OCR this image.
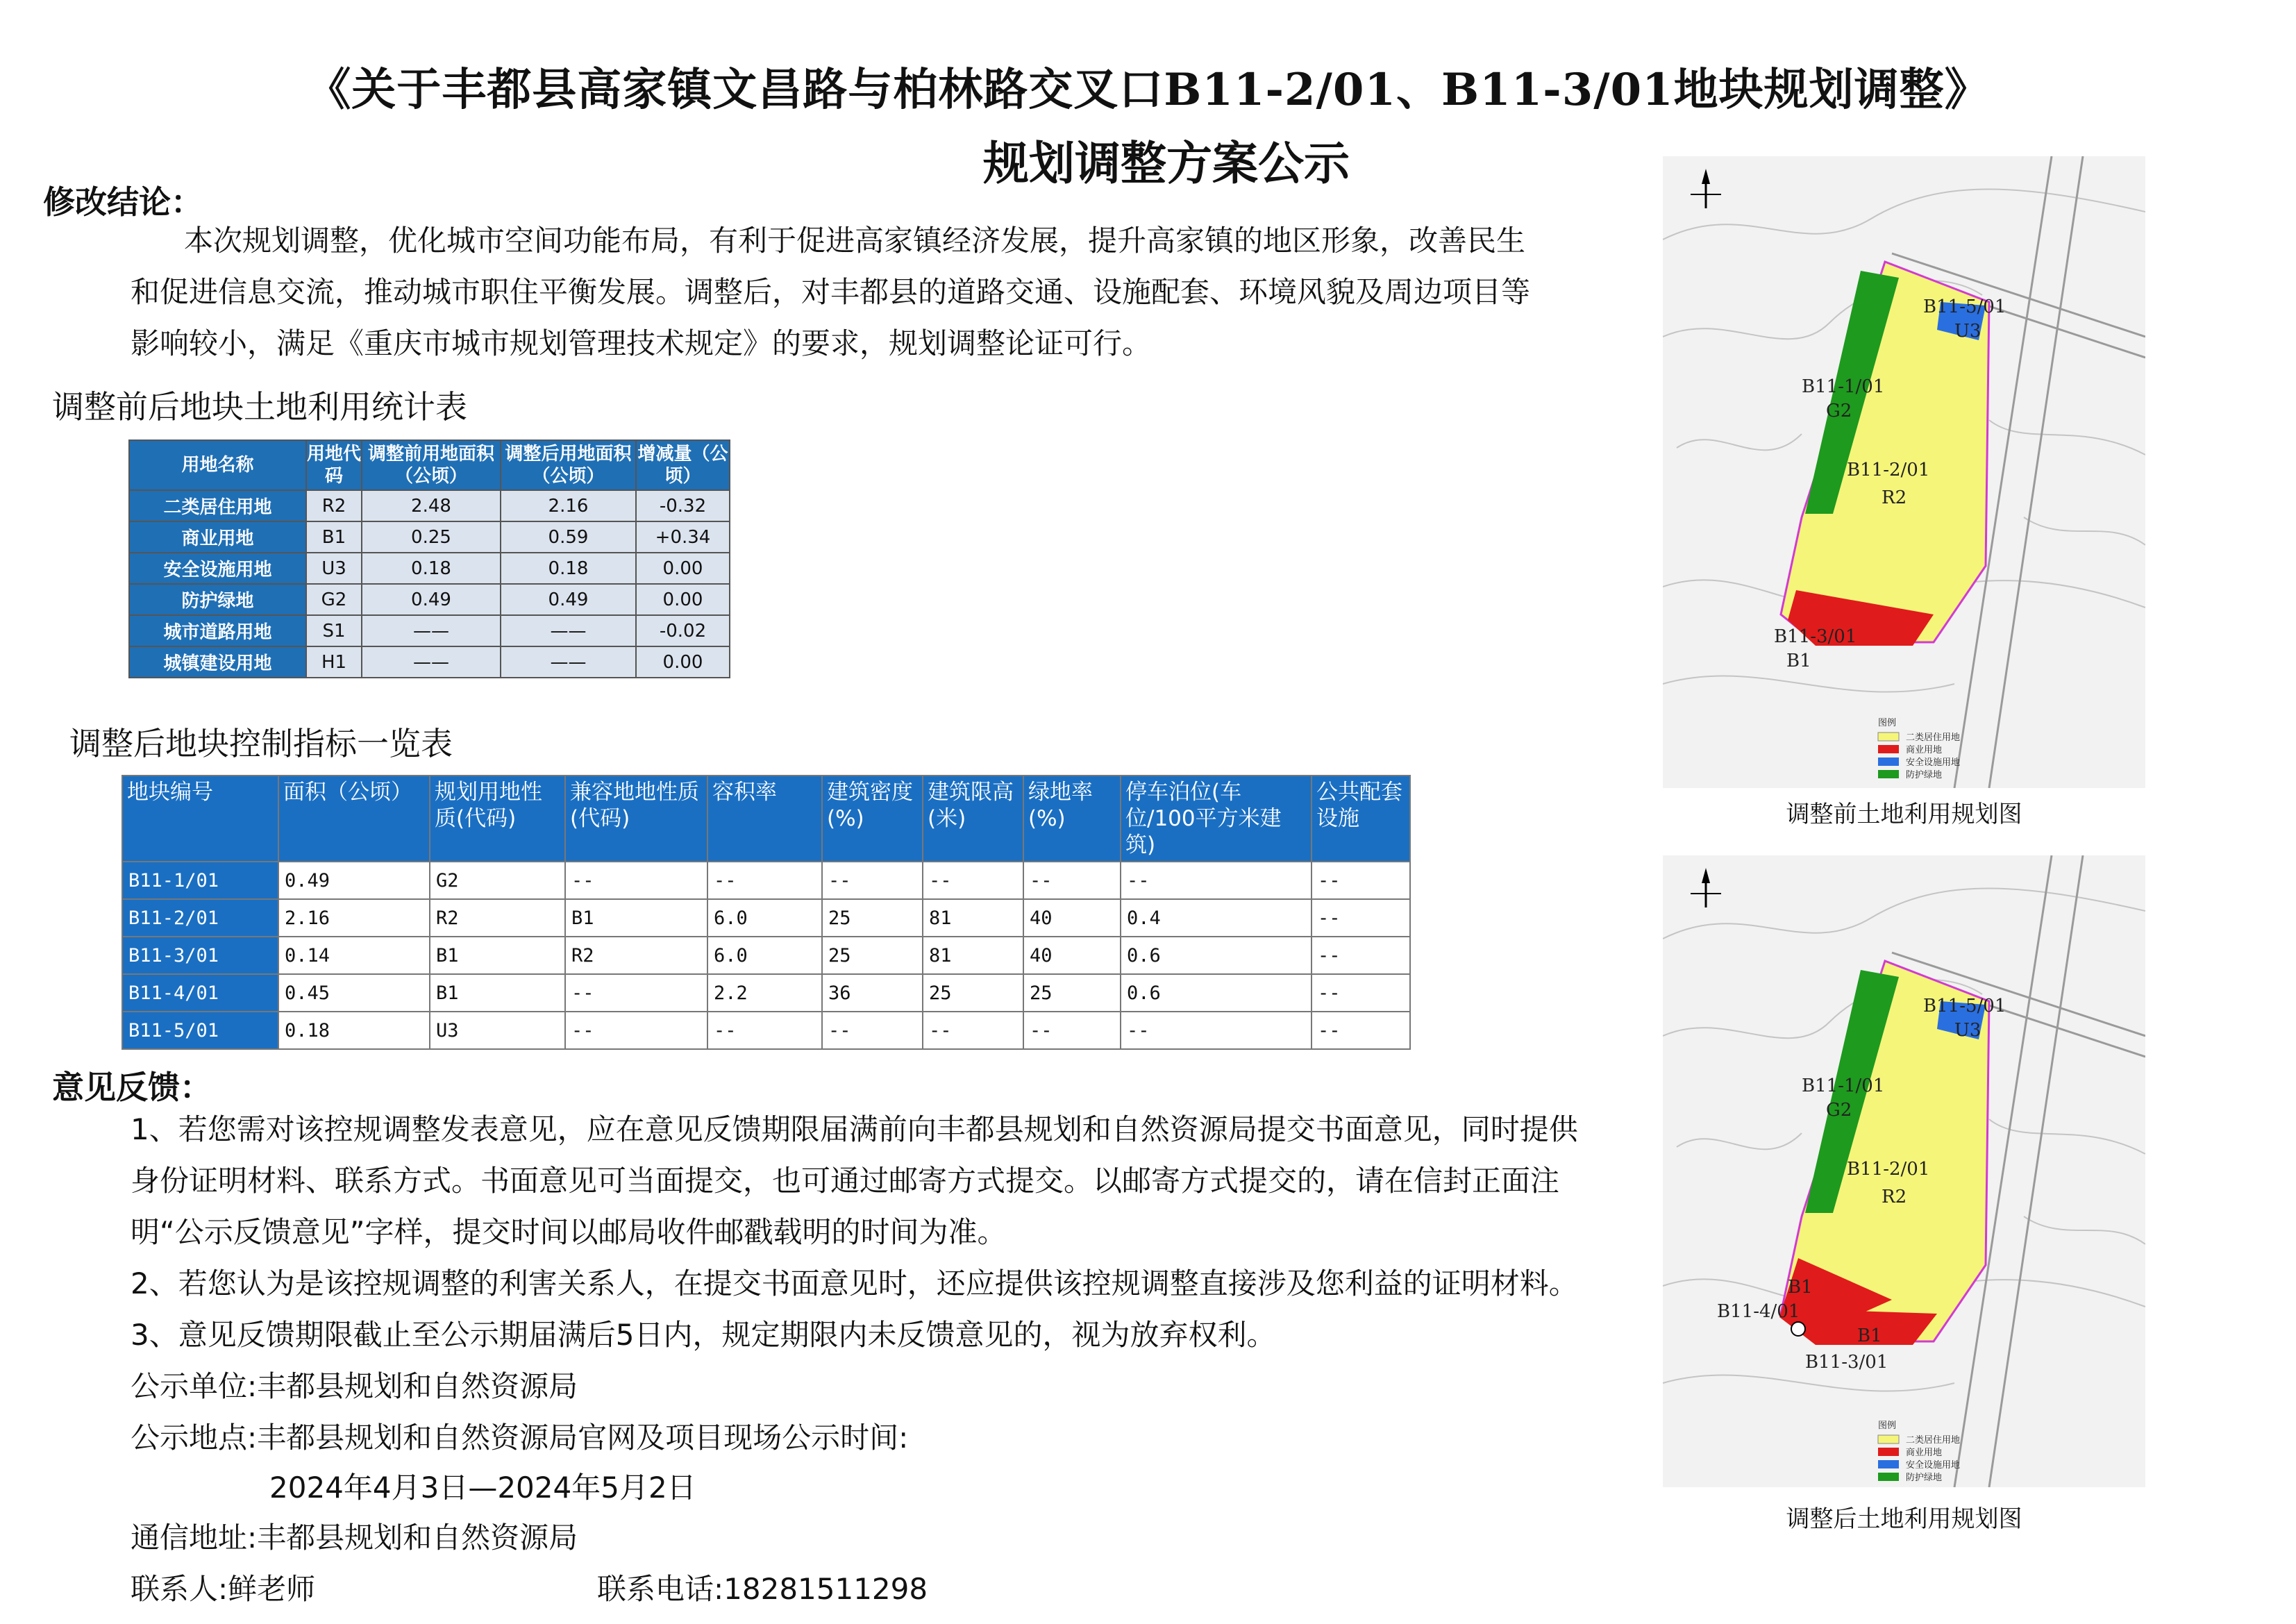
《关于丰都县高家镇文昌路与柏林路交叉口B11-2/01、B11-3/01地块规划调整》
规划调整方案公示
修改结论：
本次规划调整，优化城市空间功能布局，有利于促进高家镇经济发展，提升高家镇的地区形象，改善民生
和促进信息交流，推动城市职住平衡发展。调整后，对丰都县的道路交通、设施配套、环境风貌及周边项目等
影响较小，满足《重庆市城市规划管理技术规定》的要求，规划调整论证可行。
调整前后地块土地利用统计表
用地名称	用地代码	调整前用地面积（公顷）	调整后用地面积（公顷）	增减量（公顷）
二类居住用地	R2	2.48	2.16	-0.32
商业用地	B1	0.25	0.59	+0.34
安全设施用地	U3	0.18	0.18	0.00
防护绿地	G2	0.49	0.49	0.00
城市道路用地	S1	——	——	-0.02
城镇建设用地	H1	——	——	0.00
调整后地块控制指标一览表
地块编号	面积（公顷）	规划用地性质(代码)	兼容地地性质(代码)	容积率	建筑密度(%)	建筑限高(米)	绿地率(%)	停车泊位(车位/100平方米建筑)	公共配套设施
B11-1/01	0.49	G2	--	--	--	--	--	--	--
B11-2/01	2.16	R2	B1	6.0	25	81	40	0.4	--
B11-3/01	0.14	B1	R2	6.0	25	81	40	0.6	--
B11-4/01	0.45	B1	--	2.2	36	25	25	0.6	--
B11-5/01	0.18	U3	--	--	--	--	--	--	--
意见反馈：
1、若您需对该控规调整发表意见，应在意见反馈期限届满前向丰都县规划和自然资源局提交书面意见，同时提供
身份证明材料、联系方式。书面意见可当面提交，也可通过邮寄方式提交。以邮寄方式提交的，请在信封正面注
明“公示反馈意见”字样，提交时间以邮局收件邮戳载明的时间为准。
2、若您认为是该控规调整的利害关系人，在提交书面意见时，还应提供该控规调整直接涉及您利益的证明材料。
3、意见反馈期限截止至公示期届满后5日内，规定期限内未反馈意见的，视为放弃权利。
公示单位:丰都县规划和自然资源局
公示地点:丰都县规划和自然资源局官网及项目现场公示时间:
2024年4月3日—2024年5月2日
通信地址:丰都县规划和自然资源局
联系人:鲜老师	联系电话:18281511298
B11-5/01
U3
B11-1/01
G2
B11-2/01
R2
B11-3/01
B1
图例
二类居住用地
商业用地
安全设施用地
防护绿地
调整前土地利用规划图
B11-5/01
U3
B11-1/01
G2
B11-2/01
R2
B1
B11-4/01
B1
B11-3/01
图例
二类居住用地
商业用地
安全设施用地
防护绿地
调整后土地利用规划图
